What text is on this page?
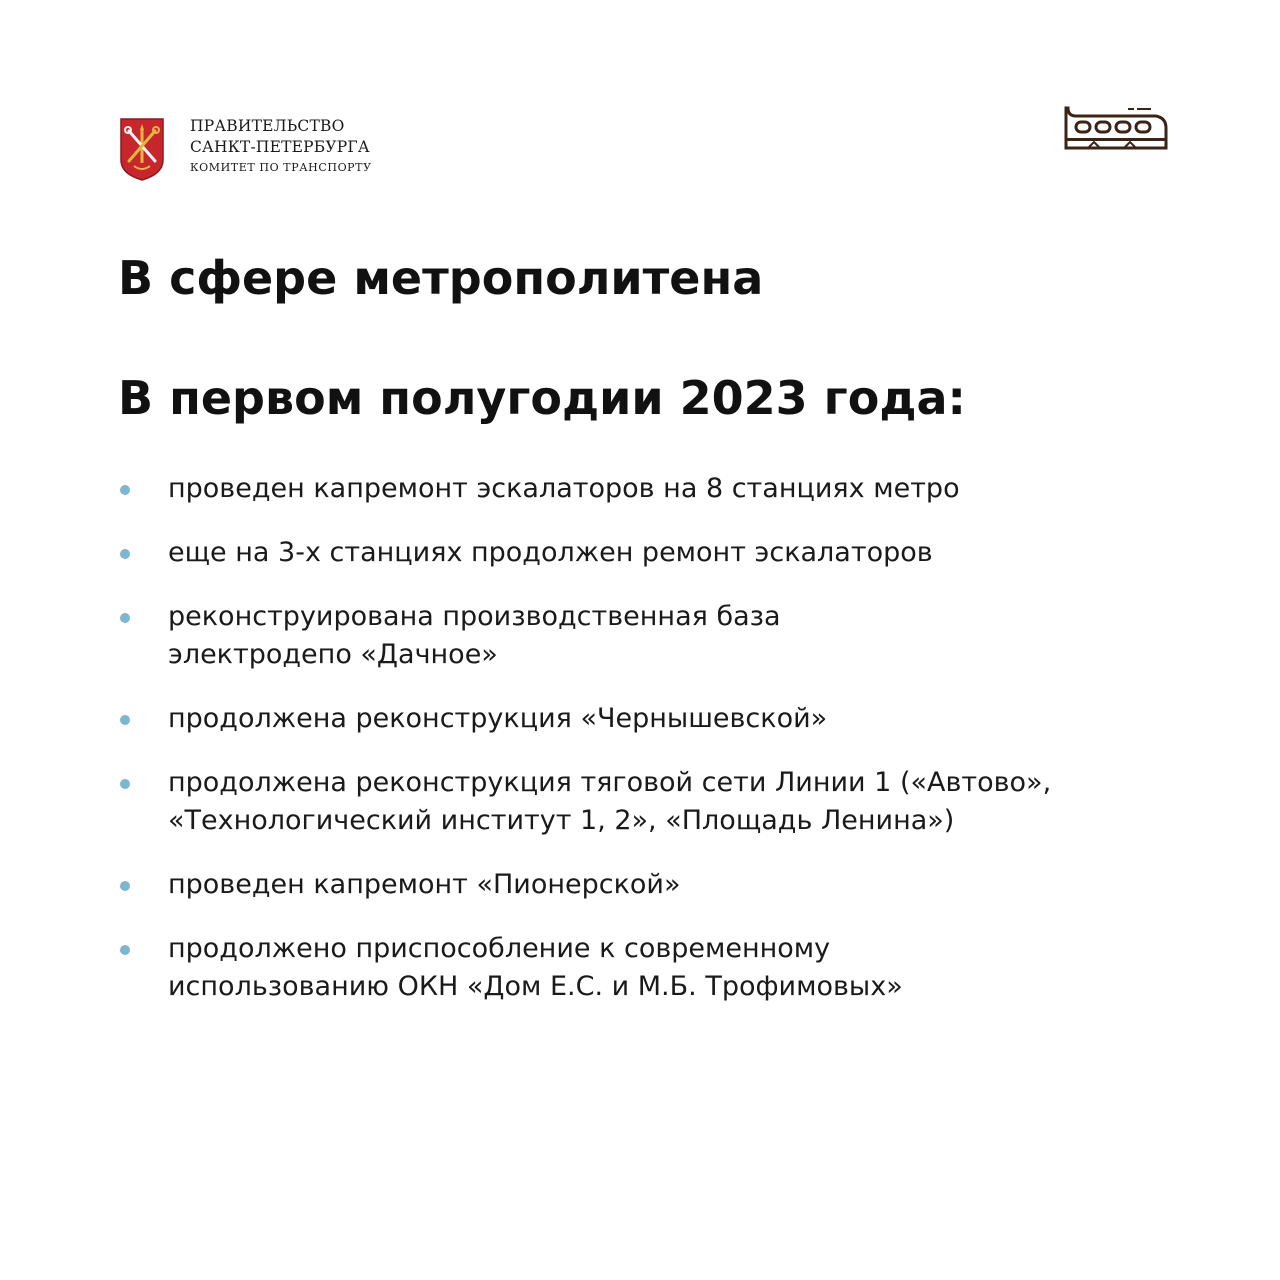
ПРАВИТЕЛЬСТВО
САНКТ-ПЕТЕРБУРГА
КОМИТЕТ ПО ТРАНСПОРТУ
В сфере метрополитена
В первом полугодии 2023 года:
проведен капремонт эскалаторов на 8 станциях метро
еще на 3-х станциях продолжен ремонт эскалаторов
реконструирована производственная база
электродепо «Дачное»
продолжена реконструкция «Чернышевской»
продолжена реконструкция тяговой сети Линии 1 («Автово»,
«Технологический институт 1, 2», «Площадь Ленина»)
проведен капремонт «Пионерской»
продолжено приспособление к современному
использованию ОКН «Дом Е.С. и М.Б. Трофимовых»
